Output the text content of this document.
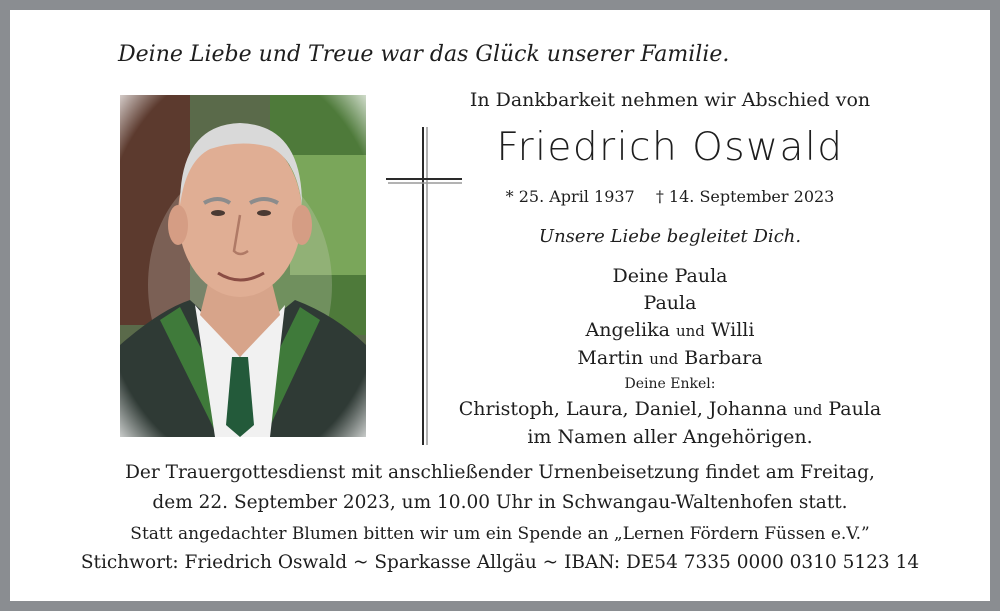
Deine Liebe und Treue war das Glück unserer Familie.
In Dankbarkeit nehmen wir Abschied von
Friedrich Oswald
* 25. April 1937 † 14. September 2023
Unsere Liebe begleitet Dich.
Deine Paula
Paula
Angelika und Willi
Martin und Barbara
Deine Enkel:
Christoph, Laura, Daniel, Johanna und Paula
im Namen aller Angehörigen.
Der Trauergottesdienst mit anschließender Urnenbeisetzung findet am Freitag,
dem 22. September 2023, um 10.00 Uhr in Schwangau-Waltenhofen statt.
Statt angedachter Blumen bitten wir um ein Spende an „Lernen Fördern Füssen e.V.”
Stichwort: Friedrich Oswald ~ Sparkasse Allgäu ~ IBAN: DE54 7335 0000 0310 5123 14
